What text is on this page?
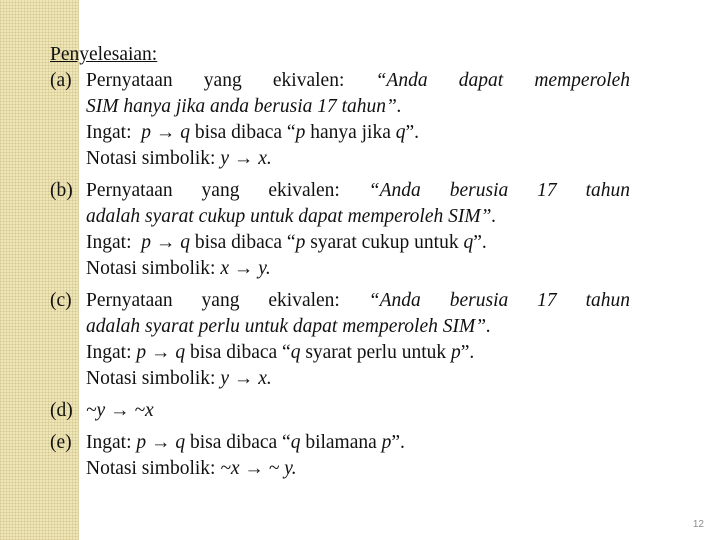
Penyelesaian:
(a) Pernyataan yang ekivalen: “Anda dapat memperoleh
SIM hanya jika anda berusia 17 tahun”.
Ingat: p → q bisa dibaca “p hanya jika q”.
Notasi simbolik: y → x.
(b) Pernyataan yang ekivalen: “Anda berusia 17 tahun
adalah syarat cukup untuk dapat memperoleh SIM”.
Ingat: p → q bisa dibaca “p syarat cukup untuk q”.
Notasi simbolik: x → y.
(c) Pernyataan yang ekivalen: “Anda berusia 17 tahun
adalah syarat perlu untuk dapat memperoleh SIM”.
Ingat: p → q bisa dibaca “q syarat perlu untuk p”.
Notasi simbolik: y → x.
(d) ~y → ~x
(e) Ingat: p → q bisa dibaca “q bilamana p”.
Notasi simbolik: ~x → ~ y.
12
